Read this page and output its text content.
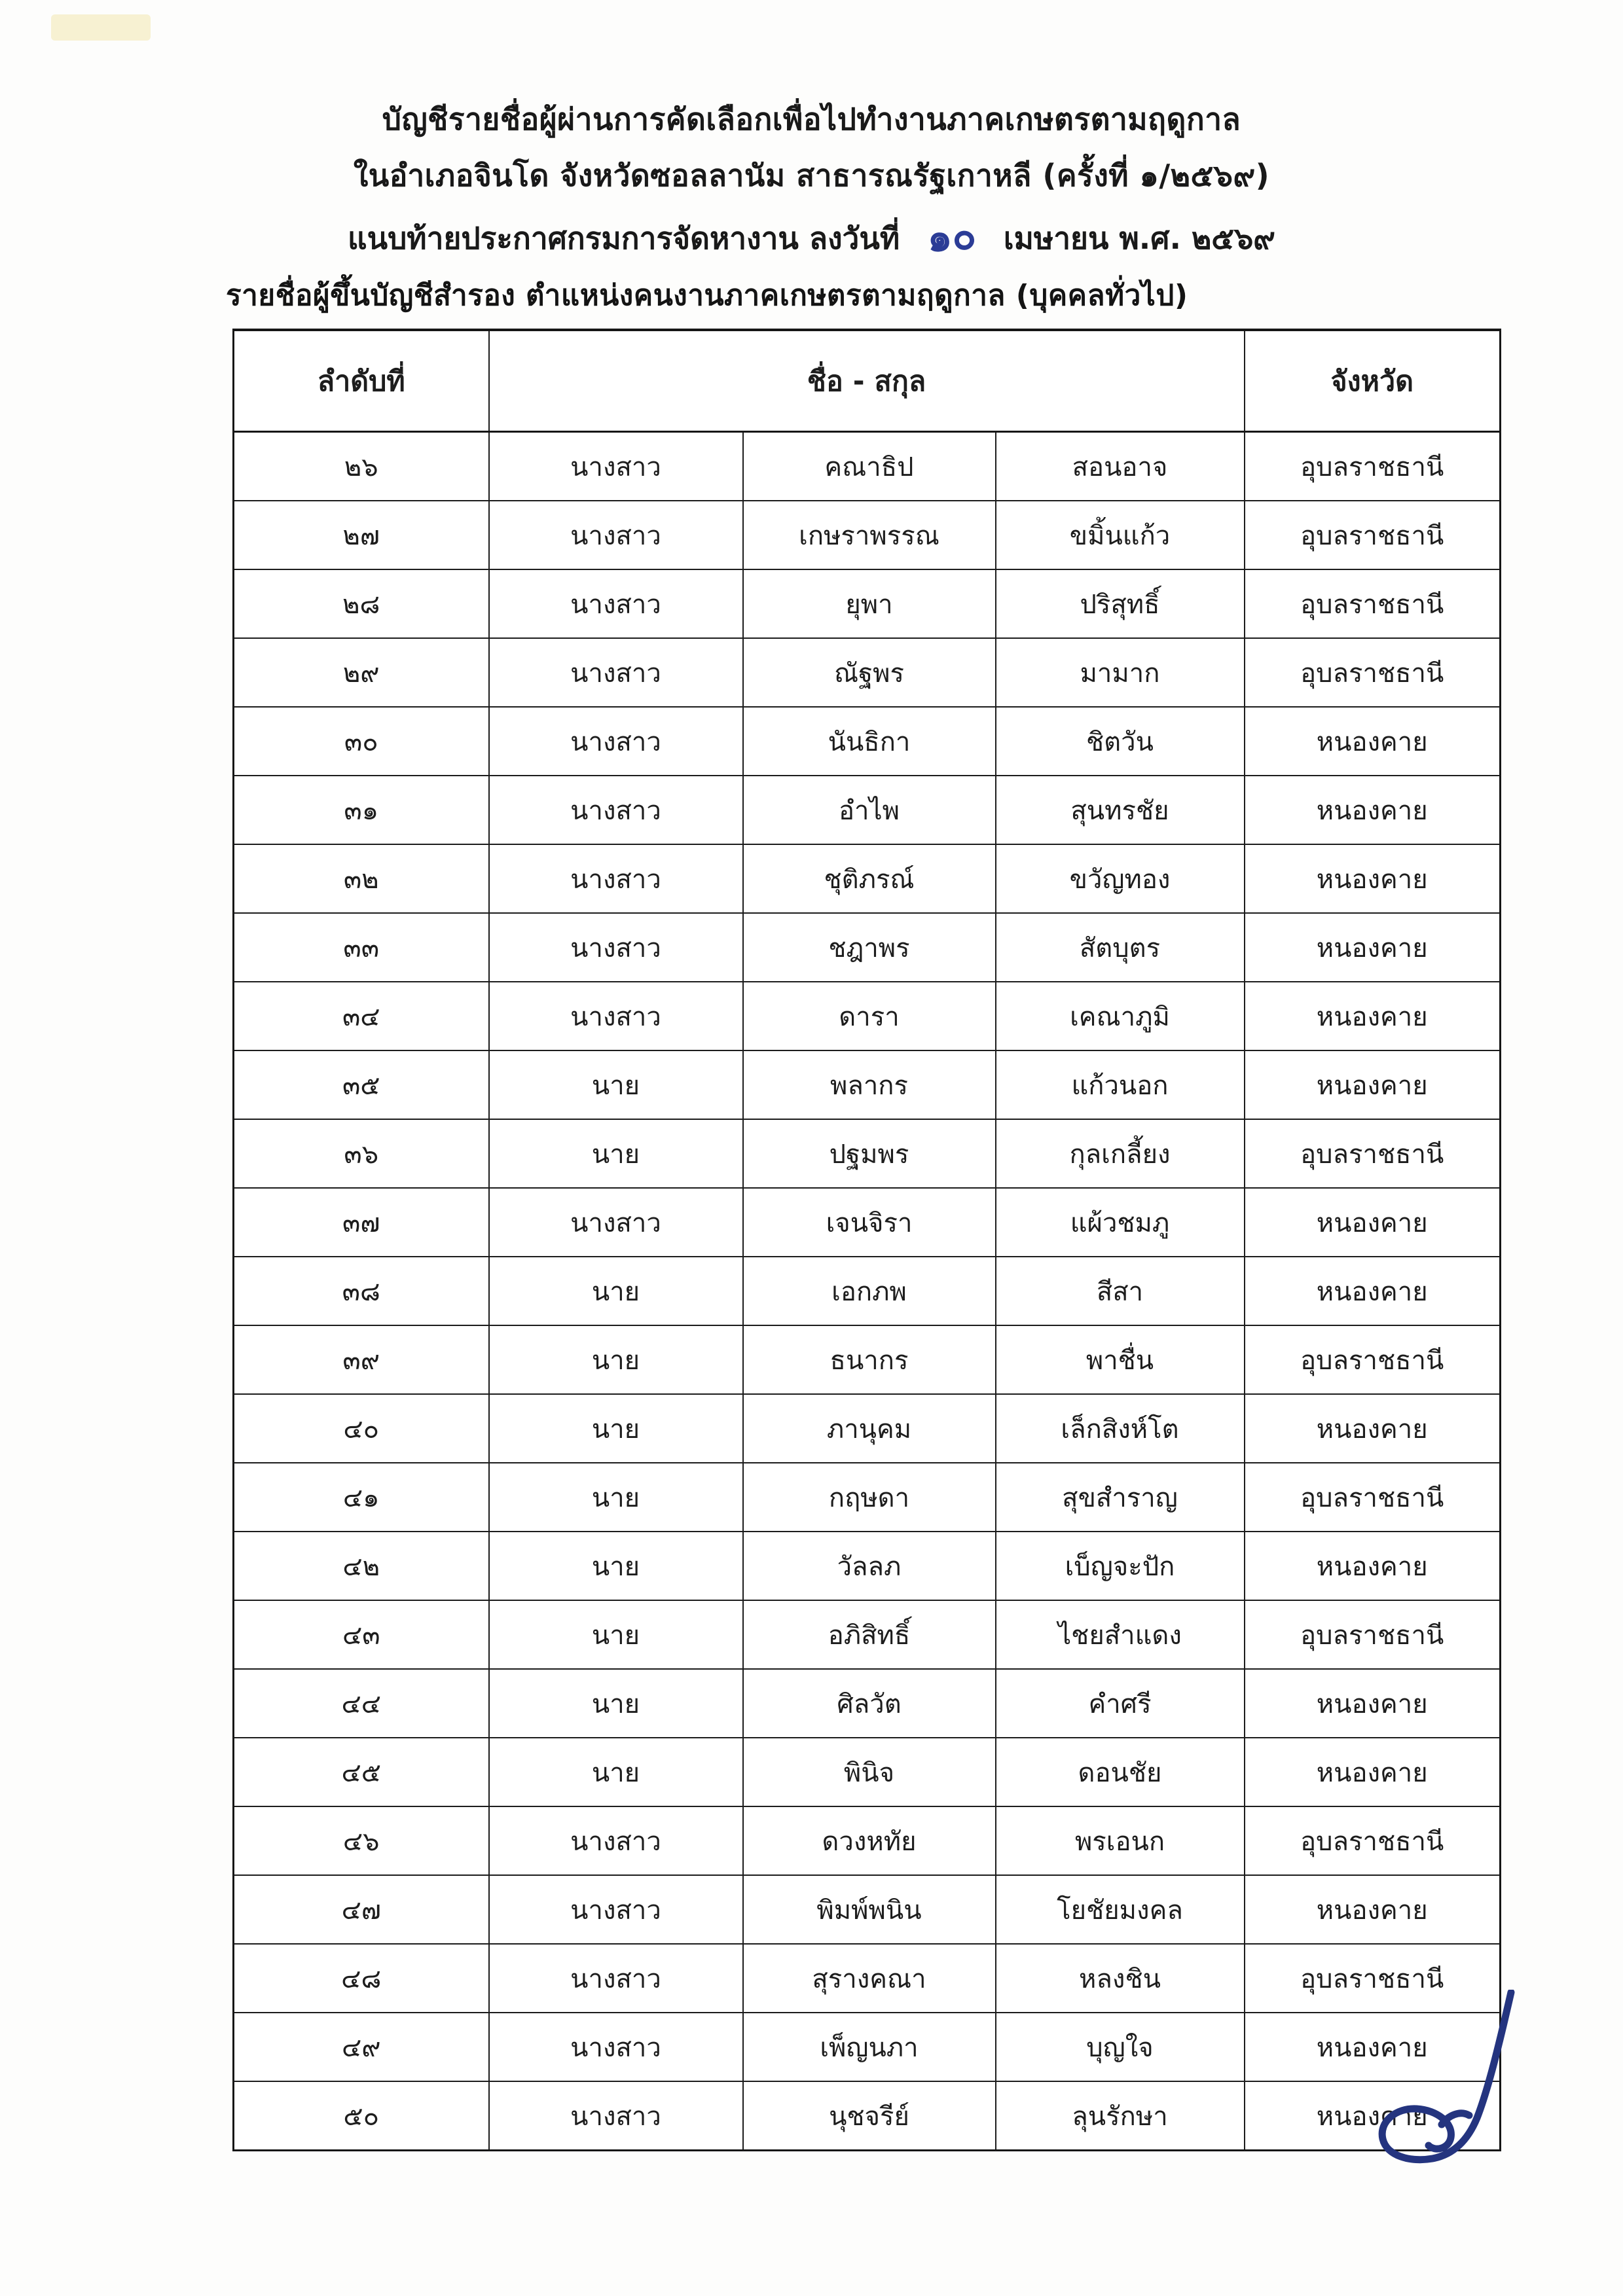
บัญชีรายชื่อผู้ผ่านการคัดเลือกเพื่อไปทำงานภาคเกษตรตามฤดูกาล
ในอำเภอจินโด จังหวัดซอลลานัม สาธารณรัฐเกาหลี (ครั้งที่ ๑/๒๕๖๙)
แนบท้ายประกาศกรมการจัดหางาน ลงวันที่ ๑๐ เมษายน พ.ศ. ๒๕๖๙
รายชื่อผู้ขึ้นบัญชีสำรอง ตำแหน่งคนงานภาคเกษตรตามฤดูกาล (บุคคลทั่วไป)
ลำดับที่	ชื่อ - สกุล			จังหวัด
๒๖	นางสาว	คณาธิป	สอนอาจ	อุบลราชธานี
๒๗	นางสาว	เกษราพรรณ	ขมิ้นแก้ว	อุบลราชธานี
๒๘	นางสาว	ยุพา	ปริสุทธิ์	อุบลราชธานี
๒๙	นางสาว	ณัฐพร	มามาก	อุบลราชธานี
๓๐	นางสาว	นันธิกา	ชิตวัน	หนองคาย
๓๑	นางสาว	อำไพ	สุนทรชัย	หนองคาย
๓๒	นางสาว	ชุติภรณ์	ขวัญทอง	หนองคาย
๓๓	นางสาว	ชฎาพร	สัตบุตร	หนองคาย
๓๔	นางสาว	ดารา	เคณาภูมิ	หนองคาย
๓๕	นาย	พลากร	แก้วนอก	หนองคาย
๓๖	นาย	ปฐมพร	กุลเกลี้ยง	อุบลราชธานี
๓๗	นางสาว	เจนจิรา	แผ้วชมภู	หนองคาย
๓๘	นาย	เอกภพ	สีสา	หนองคาย
๓๙	นาย	ธนากร	พาชื่น	อุบลราชธานี
๔๐	นาย	ภานุคม	เล็กสิงห์โต	หนองคาย
๔๑	นาย	กฤษดา	สุขสำราญ	อุบลราชธานี
๔๒	นาย	วัลลภ	เบ็ญจะปัก	หนองคาย
๔๓	นาย	อภิสิทธิ์	ไชยสำแดง	อุบลราชธานี
๔๔	นาย	ศิลวัต	คำศรี	หนองคาย
๔๕	นาย	พินิจ	ดอนชัย	หนองคาย
๔๖	นางสาว	ดวงหทัย	พรเอนก	อุบลราชธานี
๔๗	นางสาว	พิมพ์พนิน	โยชัยมงคล	หนองคาย
๔๘	นางสาว	สุรางคณา	หลงชิน	อุบลราชธานี
๔๙	นางสาว	เพ็ญนภา	บุญใจ	หนองคาย
๕๐	นางสาว	นุชจรีย์	ลุนรักษา	หนองคาย
